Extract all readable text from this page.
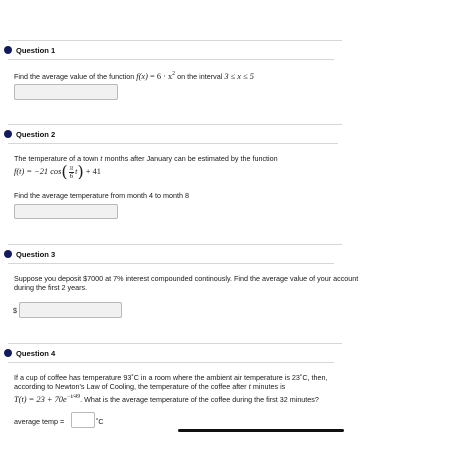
Question 1
Find the average value of the function $f(x) = 6 \cdot x^2$ on the interval 3 ≤ x ≤ 5
Question 2
The temperature of a town t months after January can be estimated by the function
f(t) = −21 $\cos( \frac{\pi}{6} t) + 41$
Find the average temperature from month 4 to month 8
Question 3
Suppose you deposit $7000 at 7% interest compounded continously. Find the average value of your account
during the first 2 years.
$
Question 4
If a cup of coffee has temperature 93˚C in a room where the ambient air temperature is 23˚C, then,
according to Newton's Law of Cooling, the temperature of the coffee after t minutes is
$T(t) = 23 + 70e^{-t/49}$. What is the average temperature of the coffee during the first 32 minutes?
average temp =	˚C
